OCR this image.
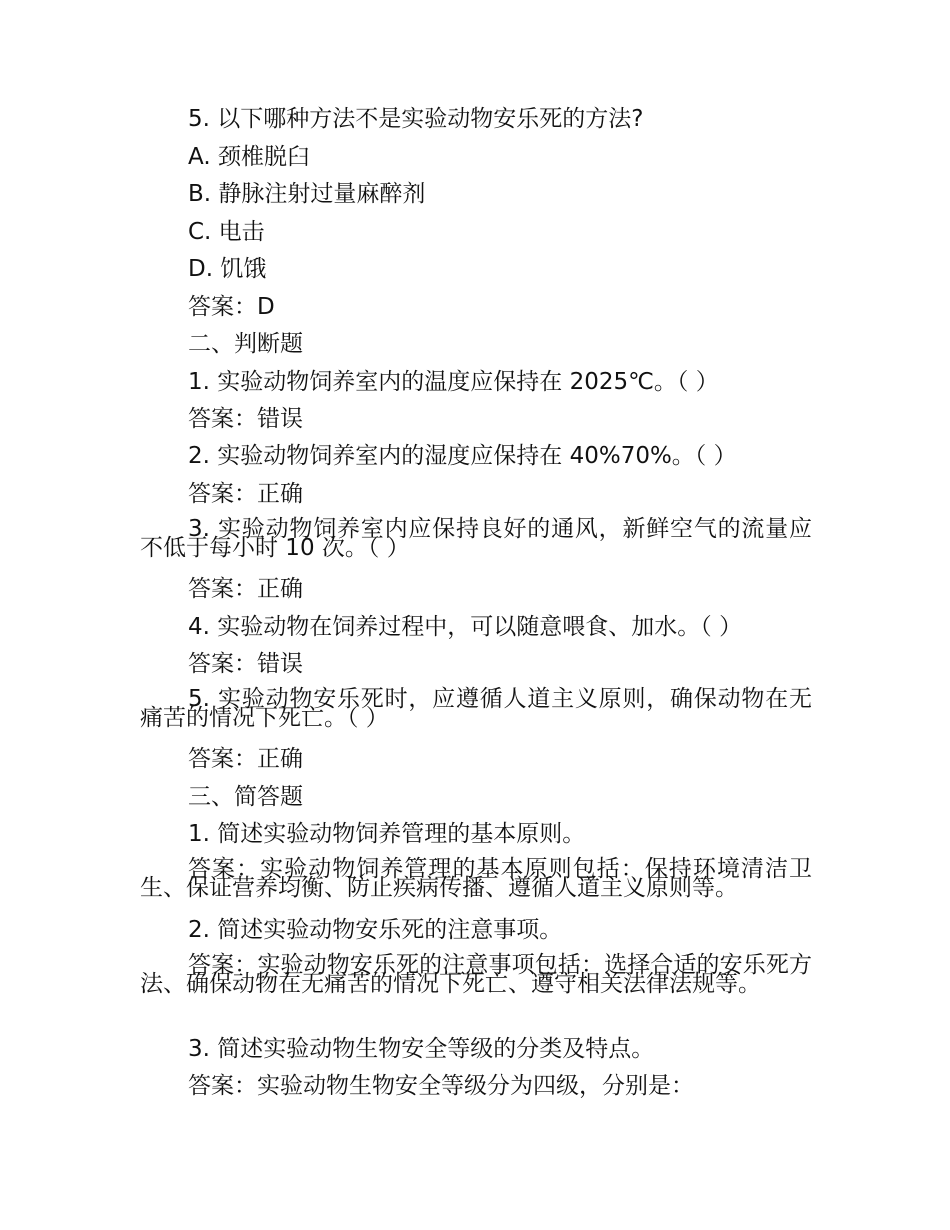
5. 以下哪种方法不是实验动物安乐死的方法?
A. 颈椎脱臼
B. 静脉注射过量麻醉剂
C. 电击
D. 饥饿
答案：D
二、判断题
1. 实验动物饲养室内的温度应保持在 2025℃。（ ）
答案：错误
2. 实验动物饲养室内的湿度应保持在 40%70%。（ ）
答案：正确
3. 实验动物饲养室内应保持良好的通风，新鲜空气的流量应不低于每小时 10 次。（ ）
答案：正确
4. 实验动物在饲养过程中，可以随意喂食、加水。（ ）
答案：错误
5. 实验动物安乐死时，应遵循人道主义原则，确保动物在无痛苦的情况下死亡。（ ）
答案：正确
三、简答题
1. 简述实验动物饲养管理的基本原则。
答案：实验动物饲养管理的基本原则包括：保持环境清洁卫生、保证营养均衡、防止疾病传播、遵循人道主义原则等。
2. 简述实验动物安乐死的注意事项。
答案：实验动物安乐死的注意事项包括：选择合适的安乐死方法、确保动物在无痛苦的情况下死亡、遵守相关法律法规等。
3. 简述实验动物生物安全等级的分类及特点。
答案：实验动物生物安全等级分为四级，分别是：
